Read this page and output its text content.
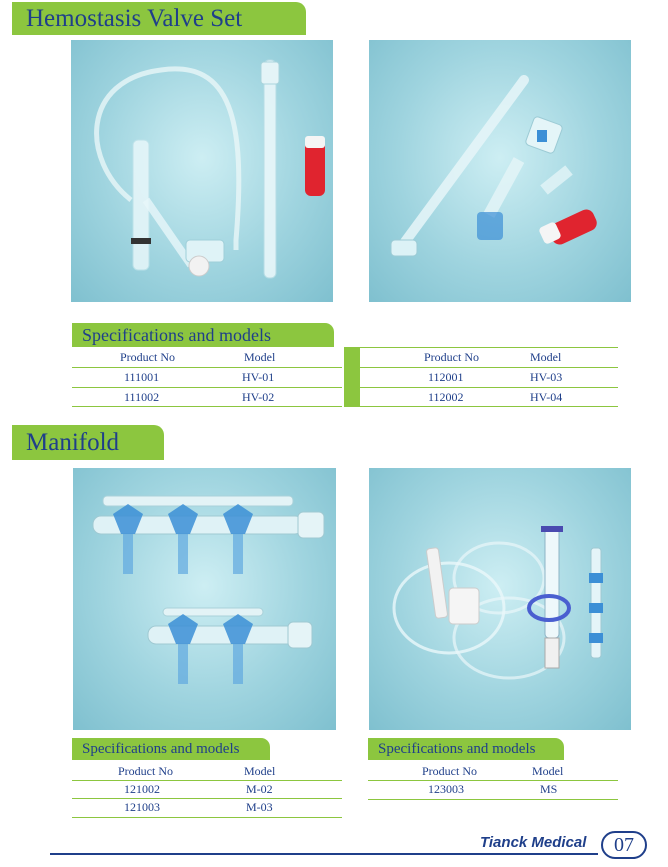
Hemostasis Valve Set
Specifications and models
Product No	Model
111001	HV-01
111002	HV-02
Product No	Model
112001	HV-03
112002	HV-04
Manifold
Specifications and models	Specifications and models
Product No	Model
121002	M-02
121003	M-03
Product No	Model
123003	MS
Tianck Medical	07
